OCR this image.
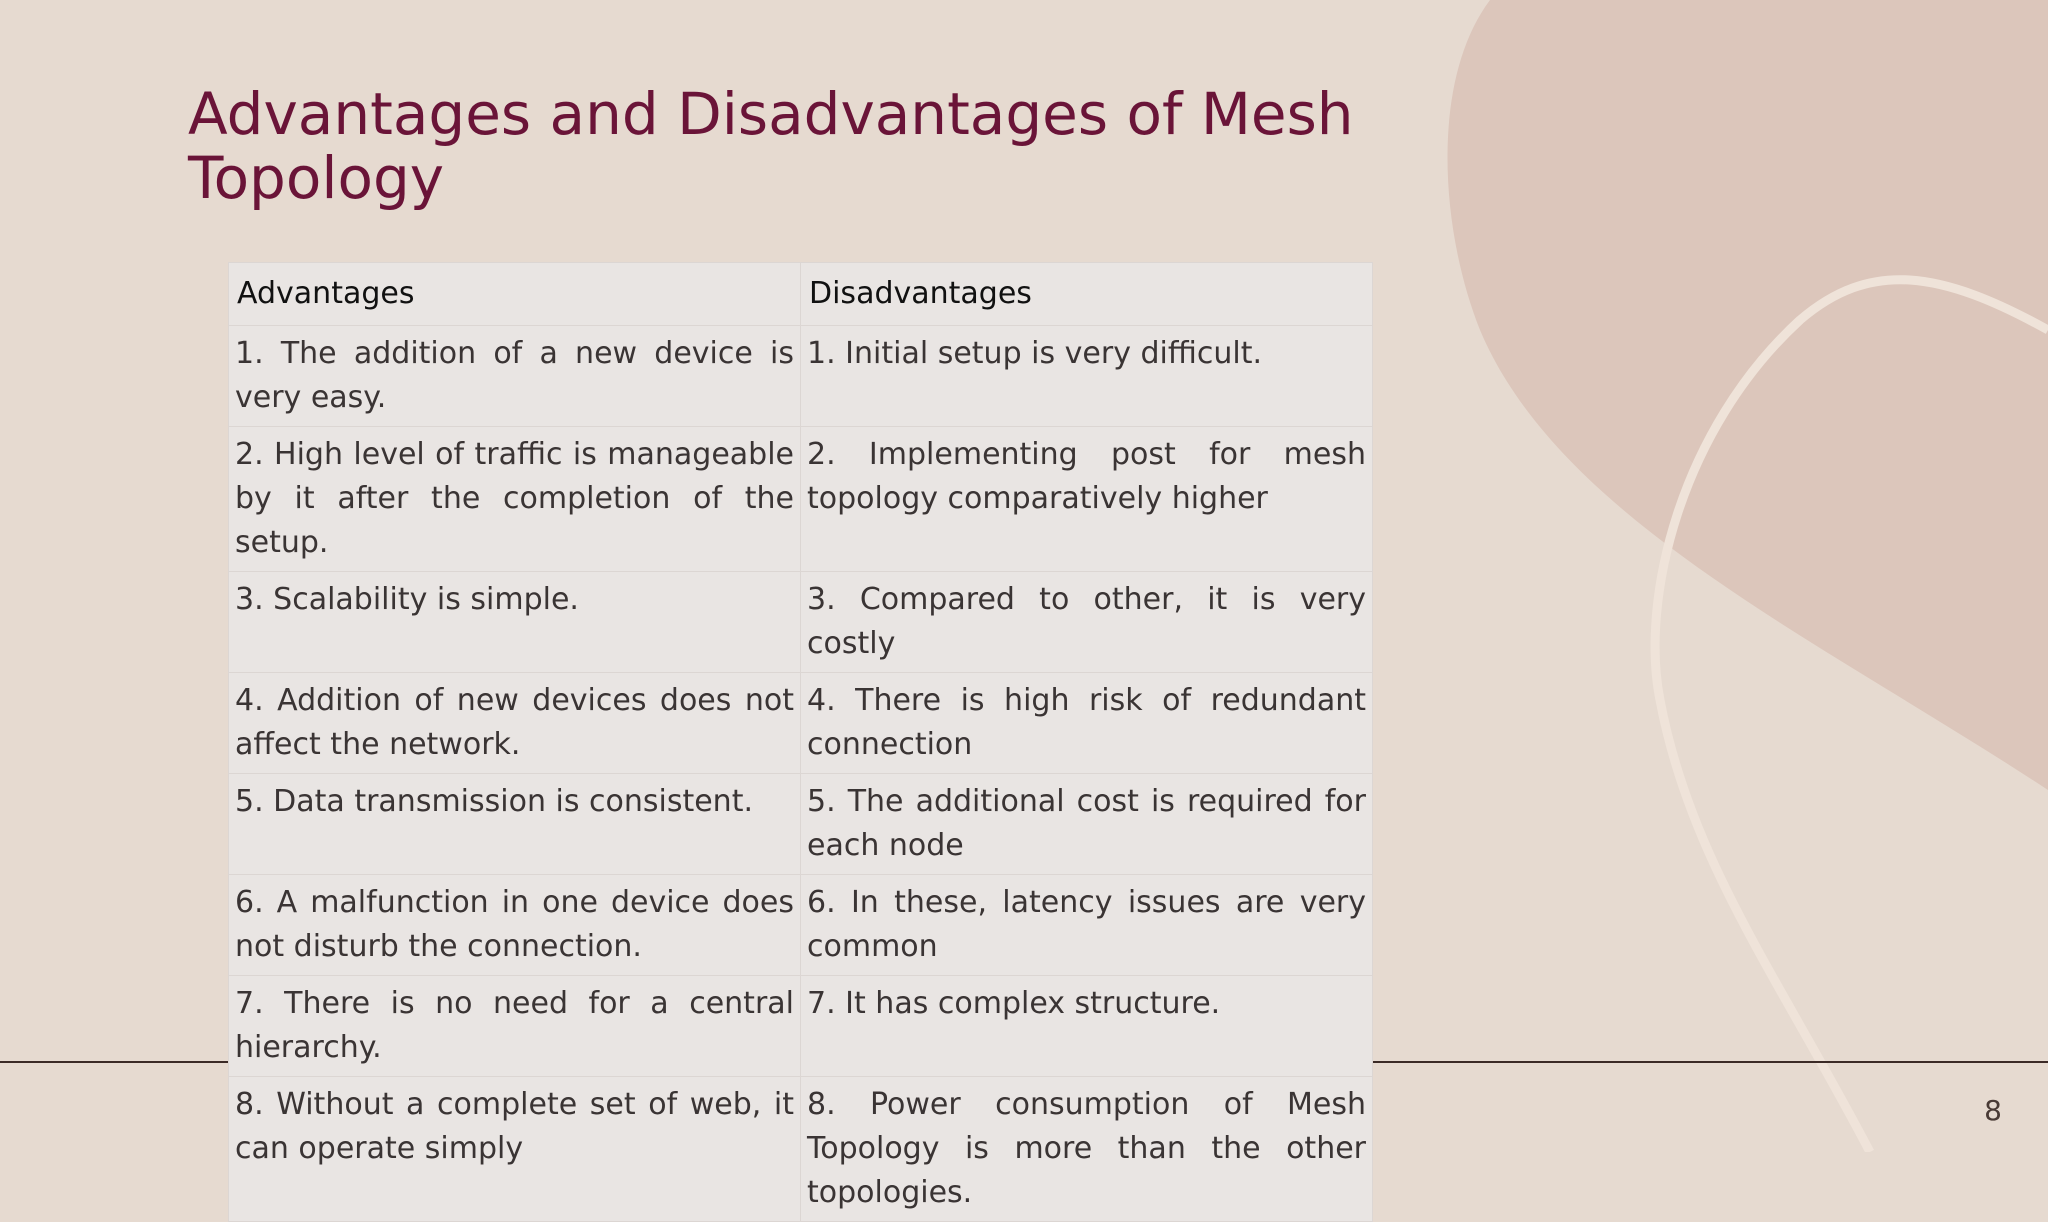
Advantages and Disadvantages of Mesh
Topology
Advantages	Disadvantages
1. The addition of a new device is very easy.	1. Initial setup is very difficult.
2. High level of traffic is manageable by it after the completion of the setup.	2. Implementing post for mesh topology comparatively higher
3. Scalability is simple.	3. Compared to other, it is very costly
4. Addition of new devices does not affect the network.	4. There is high risk of redundant connection
5. Data transmission is consistent.	5. The additional cost is required for each node
6. A malfunction in one device does not disturb the connection.	6. In these, latency issues are very common
7. There is no need for a central hierarchy.	7. It has complex structure.
8. Without a complete set of web, it can operate simply	8. Power consumption of Mesh Topology is more than the other topologies.
8
